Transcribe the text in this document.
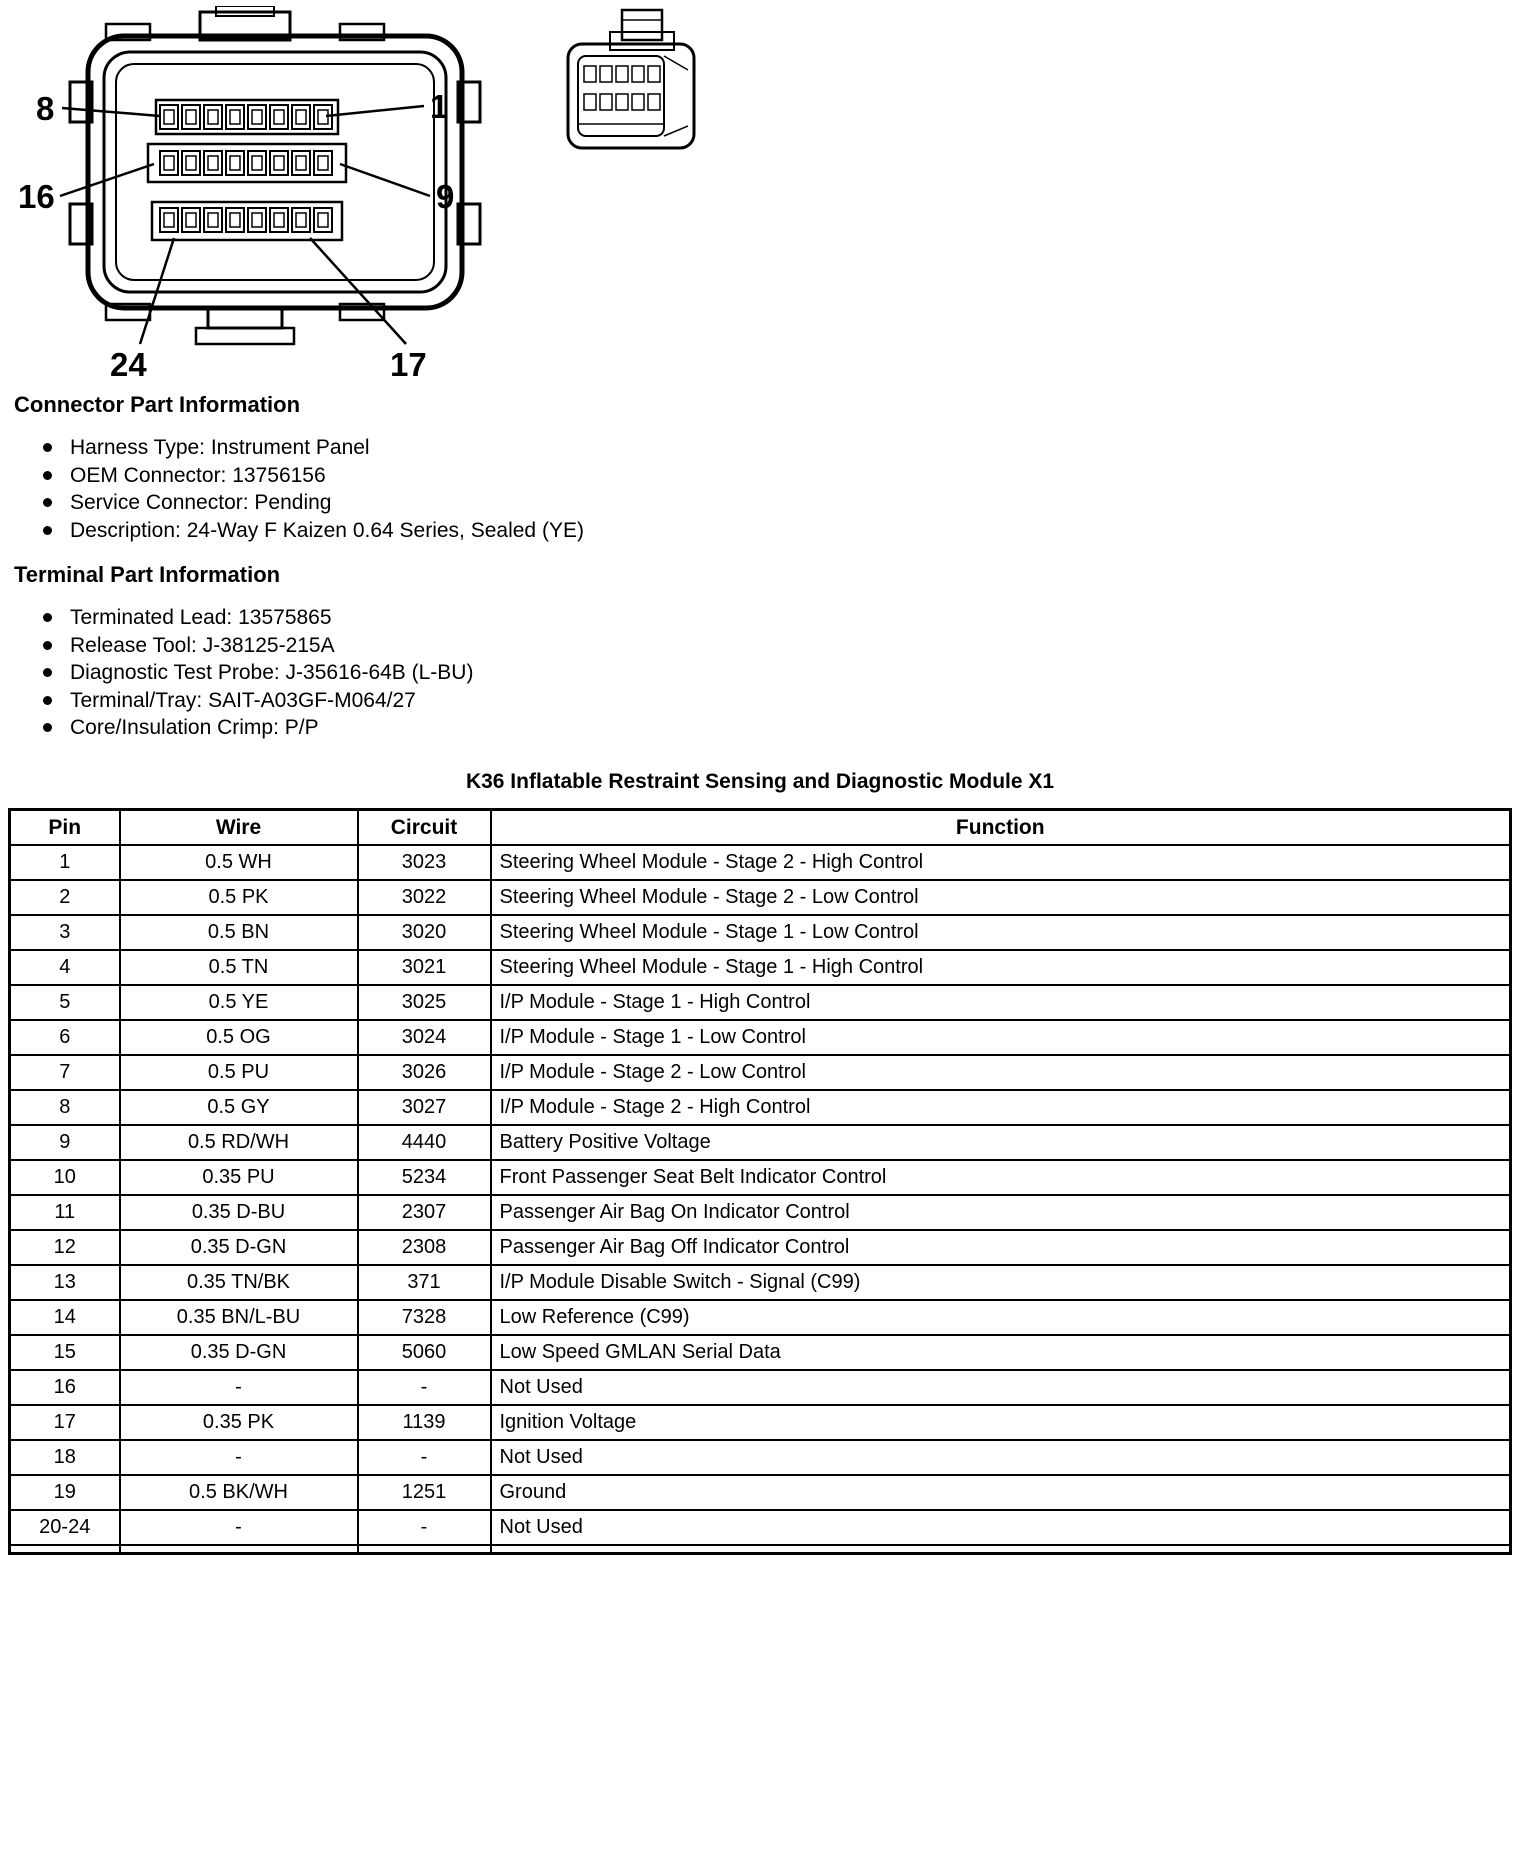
8	1
16	9
24	17
Connector Part Information
Harness Type: Instrument Panel
OEM Connector: 13756156
Service Connector: Pending
Description: 24-Way F Kaizen 0.64 Series, Sealed (YE)
Terminal Part Information
Terminated Lead: 13575865
Release Tool: J-38125-215A
Diagnostic Test Probe: J-35616-64B (L-BU)
Terminal/Tray: SAIT-A03GF-M064/27
Core/Insulation Crimp: P/P
K36 Inflatable Restraint Sensing and Diagnostic Module X1
Pin	Wire	Circuit	Function
1	0.5 WH	3023	Steering Wheel Module - Stage 2 - High Control
2	0.5 PK	3022	Steering Wheel Module - Stage 2 - Low Control
3	0.5 BN	3020	Steering Wheel Module - Stage 1 - Low Control
4	0.5 TN	3021	Steering Wheel Module - Stage 1 - High Control
5	0.5 YE	3025	I/P Module - Stage 1 - High Control
6	0.5 OG	3024	I/P Module - Stage 1 - Low Control
7	0.5 PU	3026	I/P Module - Stage 2 - Low Control
8	0.5 GY	3027	I/P Module - Stage 2 - High Control
9	0.5 RD/WH	4440	Battery Positive Voltage
10	0.35 PU	5234	Front Passenger Seat Belt Indicator Control
11	0.35 D-BU	2307	Passenger Air Bag On Indicator Control
12	0.35 D-GN	2308	Passenger Air Bag Off Indicator Control
13	0.35 TN/BK	371	I/P Module Disable Switch - Signal (C99)
14	0.35 BN/L-BU	7328	Low Reference (C99)
15	0.35 D-GN	5060	Low Speed GMLAN Serial Data
16	-	-	Not Used
17	0.35 PK	1139	Ignition Voltage
18	-	-	Not Used
19	0.5 BK/WH	1251	Ground
20-24	-	-	Not Used
